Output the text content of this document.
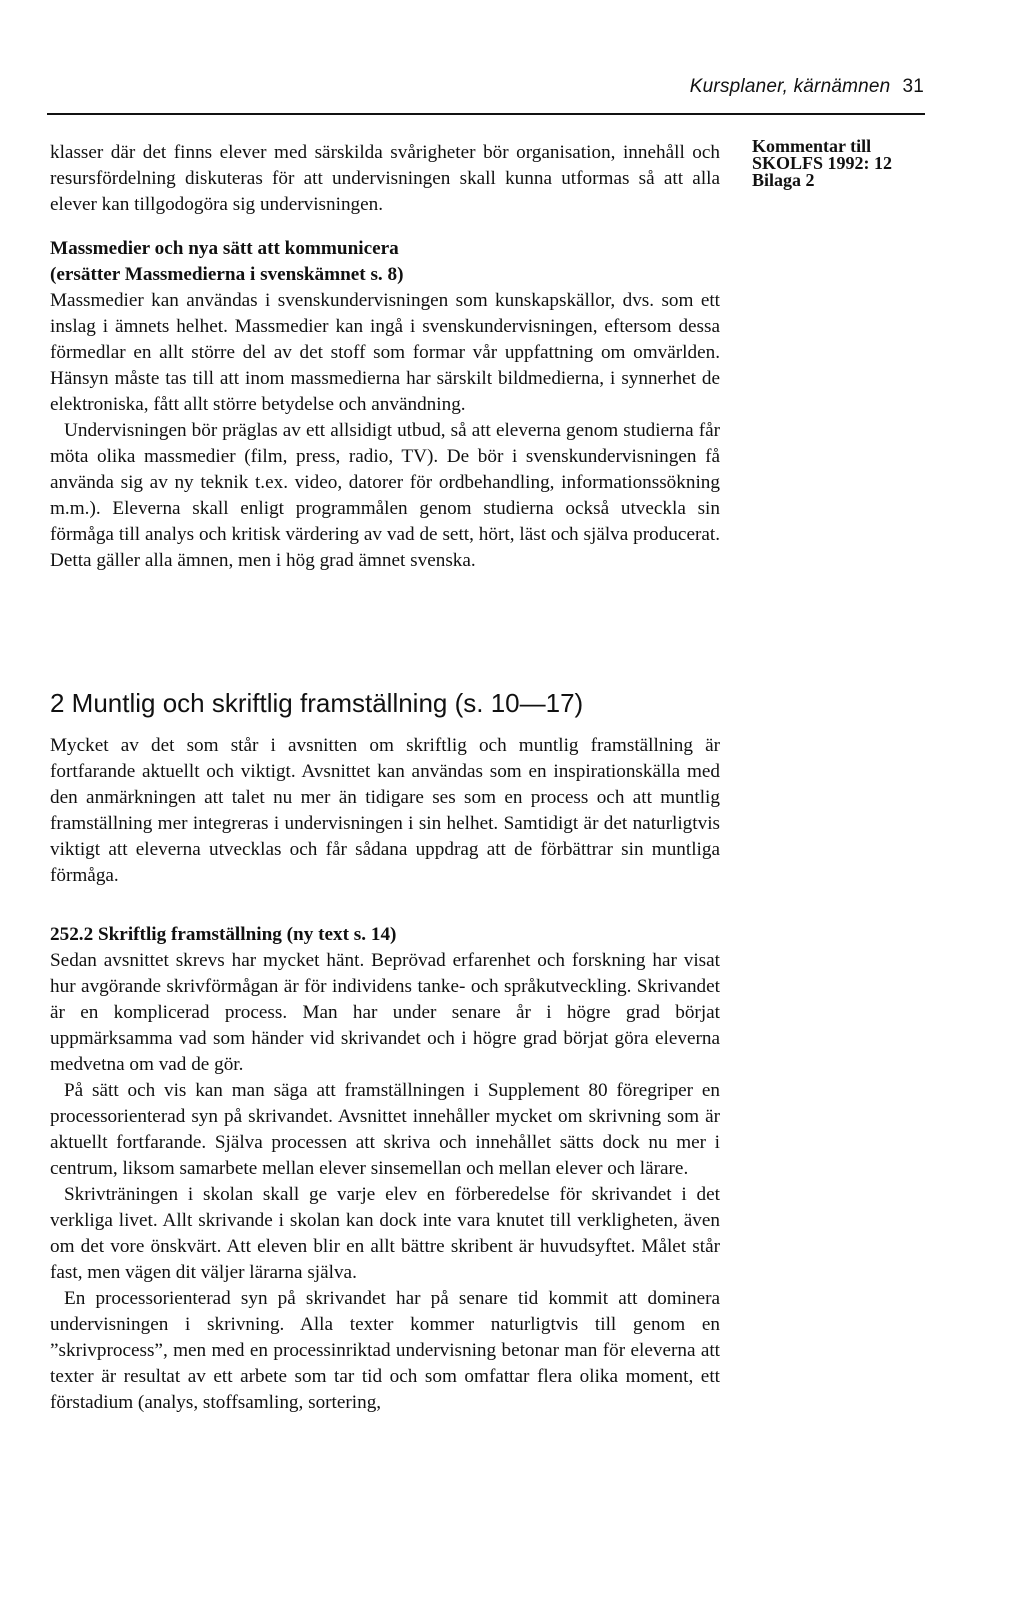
Kursplaner, kärnämnen 31
Kommentar till
SKOLFS 1992: 12
Bilaga 2

klasser där det finns elever med särskilda svårigheter bör organisation, innehåll och resursfördelning diskuteras för att undervisningen skall kunna utformas så att alla elever kan tillgodogöra sig undervisningen.

Massmedier och nya sätt att kommunicera

(ersätter Massmedierna i svenskämnet s. 8)

Massmedier kan användas i svenskundervisningen som kunskapskällor, dvs. som ett inslag i ämnets helhet. Massmedier kan ingå i svenskundervisningen, eftersom dessa förmedlar en allt större del av det stoff som formar vår uppfattning om omvärlden. Hänsyn måste tas till att inom massmedierna har särskilt bildmedierna, i synnerhet de elektroniska, fått allt större betydelse och användning.

Undervisningen bör präglas av ett allsidigt utbud, så att eleverna genom studierna får möta olika massmedier (film, press, radio, TV). De bör i svenskundervisningen få använda sig av ny teknik t.ex. video, datorer för ordbehandling, informationssökning m.m.). Eleverna skall enligt programmålen genom studierna också utveckla sin förmåga till analys och kritisk värdering av vad de sett, hört, läst och själva producerat. Detta gäller alla ämnen, men i hög grad ämnet svenska.

2 Muntlig och skriftlig framställning (s. 10—17)

Mycket av det som står i avsnitten om skriftlig och muntlig framställning är fortfarande aktuellt och viktigt. Avsnittet kan användas som en inspirationskälla med den anmärkningen att talet nu mer än tidigare ses som en process och att muntlig framställning mer integreras i undervisningen i sin helhet. Samtidigt är det naturligtvis viktigt att eleverna utvecklas och får sådana uppdrag att de förbättrar sin muntliga förmåga.

252.2 Skriftlig framställning (ny text s. 14)

Sedan avsnittet skrevs har mycket hänt. Beprövad erfarenhet och forskning har visat hur avgörande skrivförmågan är för individens tanke- och språkutveckling. Skrivandet är en komplicerad process. Man har under senare år i högre grad börjat uppmärksamma vad som händer vid skrivandet och i högre grad börjat göra eleverna medvetna om vad de gör.

På sätt och vis kan man säga att framställningen i Supplement 80 föregriper en processorienterad syn på skrivandet. Avsnittet innehåller mycket om skrivning som är aktuellt fortfarande. Själva processen att skriva och innehållet sätts dock nu mer i centrum, liksom samarbete mellan elever sinsemellan och mellan elever och lärare.

Skrivträningen i skolan skall ge varje elev en förberedelse för skrivandet i det verkliga livet. Allt skrivande i skolan kan dock inte vara knutet till verkligheten, även om det vore önskvärt. Att eleven blir en allt bättre skribent är huvudsyftet. Målet står fast, men vägen dit väljer lärarna själva.

En processorienterad syn på skrivandet har på senare tid kommit att dominera undervisningen i skrivning. Alla texter kommer naturligtvis till genom en ”skrivprocess”, men med en processinriktad undervisning betonar man för eleverna att texter är resultat av ett arbete som tar tid och som omfattar flera olika moment, ett förstadium (analys, stoffsamling, sortering,
